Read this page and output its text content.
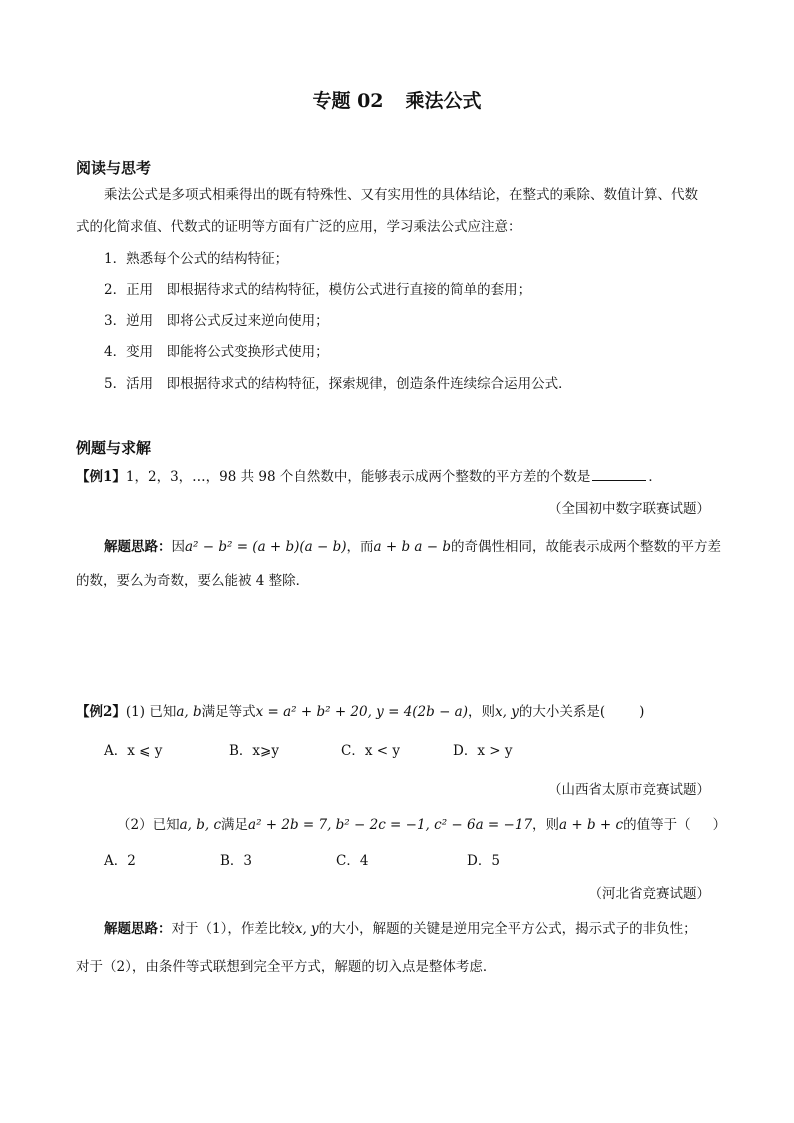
专题 02 乘法公式
阅读与思考
乘法公式是多项式相乘得出的既有特殊性、又有实用性的具体结论，在整式的乘除、数值计算、代数
式的化简求值、代数式的证明等方面有广泛的应用，学习乘法公式应注意：
1．熟悉每个公式的结构特征；
2．正用　即根据待求式的结构特征，模仿公式进行直接的简单的套用；
3．逆用　即将公式反过来逆向使用；
4．变用　即能将公式变换形式使用；
5．活用　即根据待求式的结构特征，探索规律，创造条件连续综合运用公式．
例题与求解
【例1】1，2，3，…，98 共 98 个自然数中，能够表示成两个整数的平方差的个数是	．
（全国初中数字联赛试题）
解题思路：因a² − b² = (a + b)(a − b)，而a + b a − b的奇偶性相同，故能表示成两个整数的平方差
的数，要么为奇数，要么能被 4 整除．
【例2】(1) 已知a, b满足等式x = a² + b² + 20, y = 4(2b − a)，则x, y的大小关系是(	)
A．x ⩽ y	B．x⩾y	C．x < y	D．x > y
（山西省太原市竞赛试题）
（2）已知a, b, c满足a² + 2b = 7, b² − 2c = −1, c² − 6a = −17，则a + b + c的值等于（ ）
A．2	B．3	C．4	D．5
（河北省竞赛试题）
解题思路：对于（1），作差比较x, y的大小，解题的关键是逆用完全平方公式，揭示式子的非负性；
对于（2），由条件等式联想到完全平方式，解题的切入点是整体考虑．
